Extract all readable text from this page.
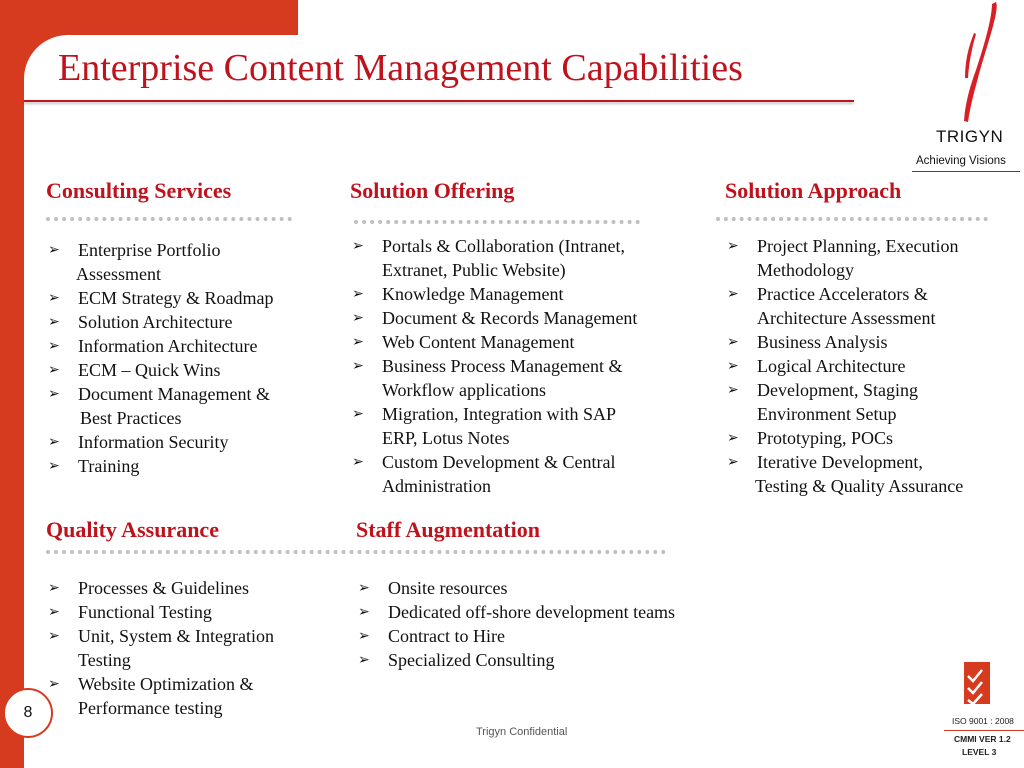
Enterprise Content Management Capabilities
TRIGYN
Achieving Visions
Consulting Services
➢ Enterprise Portfolio
Assessment
➢ ECM Strategy & Roadmap
➢ Solution Architecture
➢ Information Architecture
➢ ECM – Quick Wins
➢ Document Management &
Best Practices
➢ Information Security
➢ Training
Solution Offering
➢ Portals & Collaboration (Intranet,
Extranet, Public Website)
➢ Knowledge Management
➢ Document & Records Management
➢ Web Content Management
➢ Business Process Management &
Workflow applications
➢ Migration, Integration with SAP
ERP, Lotus Notes
➢ Custom Development & Central
Administration
Solution Approach
➢ Project Planning, Execution
Methodology
➢ Practice Accelerators &
Architecture Assessment
➢ Business Analysis
➢ Logical Architecture
➢ Development, Staging
Environment Setup
➢ Prototyping, POCs
➢ Iterative Development,
Testing & Quality Assurance
Quality Assurance	Staff Augmentation
➢ Processes & Guidelines
➢ Functional Testing
➢ Unit, System & Integration
Testing
➢ Website Optimization &
Performance testing
➢ Onsite resources
➢ Dedicated off-shore development teams
➢ Contract to Hire
➢ Specialized Consulting
8
Trigyn Confidential
ISO 9001 : 2008
CMMI VER 1.2
LEVEL 3
